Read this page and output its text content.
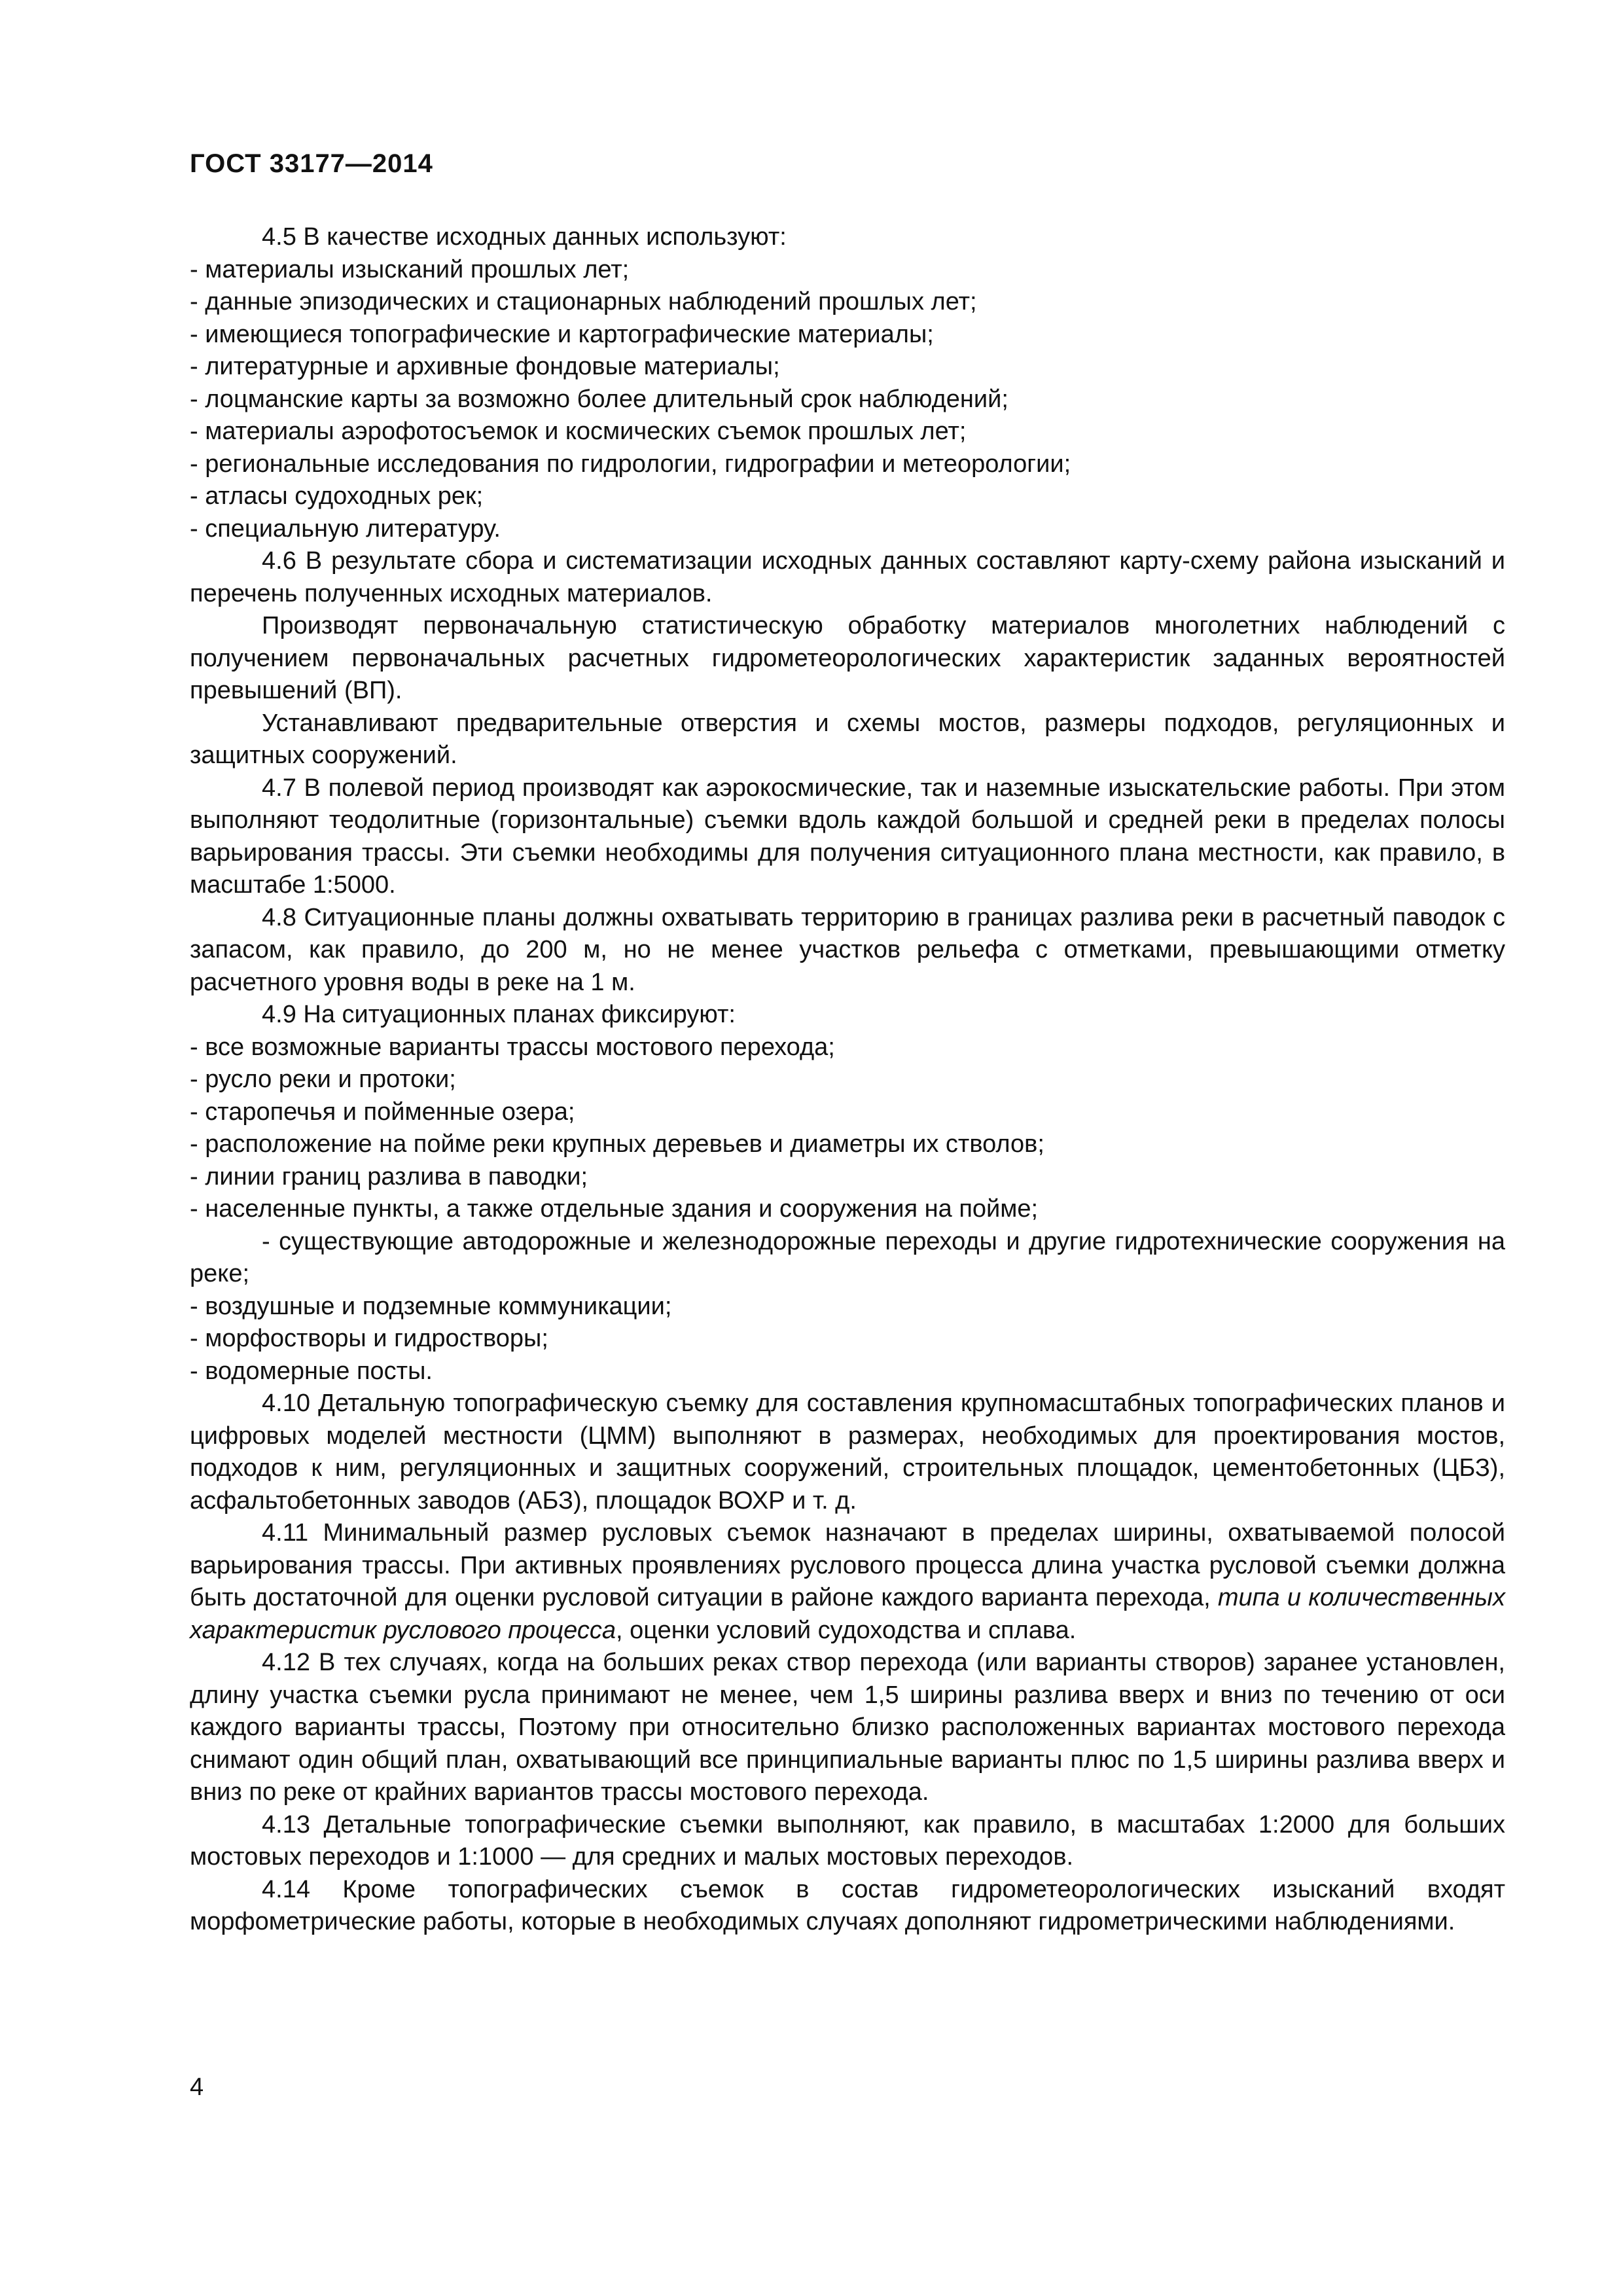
ГОСТ 33177—2014

4.5 В качестве исходных данных используют:

- материалы изысканий прошлых лет;
- данные эпизодических и стационарных наблюдений прошлых лет;
- имеющиеся топографические и картографические материалы;
- литературные и архивные фондовые материалы;
- лоцманские карты за возможно более длительный срок наблюдений;
- материалы аэрофотосъемок и космических съемок прошлых лет;
- региональные исследования по гидрологии, гидрографии и метеорологии;
- атласы судоходных рек;
- специальную литературу.

4.6 В результате сбора и систематизации исходных данных составляют карту-схему района изысканий и перечень полученных исходных материалов.

Производят первоначальную статистическую обработку материалов многолетних наблюдений с получением первоначальных расчетных гидрометеорологических характеристик заданных вероятностей превышений (ВП).

Устанавливают предварительные отверстия и схемы мостов, размеры подходов, регуляционных и защитных сооружений.

4.7 В полевой период производят как аэрокосмические, так и наземные изыскательские работы. При этом выполняют теодолитные (горизонтальные) съемки вдоль каждой большой и средней реки в пределах полосы варьирования трассы. Эти съемки необходимы для получения ситуационного плана местности, как правило, в масштабе 1:5000.

4.8 Ситуационные планы должны охватывать территорию в границах разлива реки в расчетный паводок с запасом, как правило, до 200 м, но не менее участков рельефа с отметками, превышающими отметку расчетного уровня воды в реке на 1 м.

4.9 На ситуационных планах фиксируют:

- все возможные варианты трассы мостового перехода;
- русло реки и протоки;
- старопечья и пойменные озера;
- расположение на пойме реки крупных деревьев и диаметры их стволов;
- линии границ разлива в паводки;
- населенные пункты, а также отдельные здания и сооружения на пойме;
- существующие автодорожные и железнодорожные переходы и другие гидротехнические сооружения на реке;
- воздушные и подземные коммуникации;
- морфостворы и гидростворы;
- водомерные посты.

4.10 Детальную топографическую съемку для составления крупномасштабных топографических планов и цифровых моделей местности (ЦММ) выполняют в размерах, необходимых для проектирования мостов, подходов к ним, регуляционных и защитных сооружений, строительных площадок, цементобетонных (ЦБЗ), асфальтобетонных заводов (АБЗ), площадок ВОХР и т. д.

4.11 Минимальный размер русловых съемок назначают в пределах ширины, охватываемой полосой варьирования трассы. При активных проявлениях руслового процесса длина участка русловой съемки должна быть достаточной для оценки русловой ситуации в районе каждого варианта перехода, типа и количественных характеристик руслового процесса, оценки условий судоходства и сплава.

4.12 В тех случаях, когда на больших реках створ перехода (или варианты створов) заранее установлен, длину участка съемки русла принимают не менее, чем 1,5 ширины разлива вверх и вниз по течению от оси каждого варианты трассы, Поэтому при относительно близко расположенных вариантах мостового перехода снимают один общий план, охватывающий все принципиальные варианты плюс по 1,5 ширины разлива вверх и вниз по реке от крайних вариантов трассы мостового перехода.

4.13 Детальные топографические съемки выполняют, как правило, в масштабах 1:2000 для больших мостовых переходов и 1:1000 — для средних и малых мостовых переходов.

4.14 Кроме топографических съемок в состав гидрометеорологических изысканий входят морфометрические работы, которые в необходимых случаях дополняют гидрометрическими наблюдениями.

4
